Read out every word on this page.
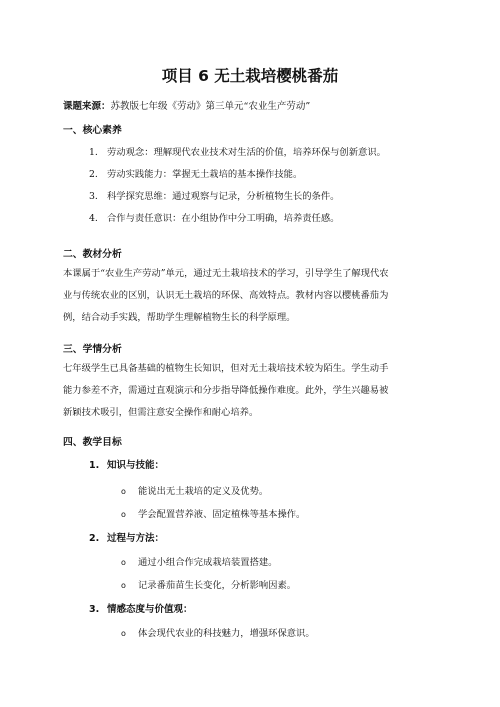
项目 6 无土栽培樱桃番茄
课题来源：苏教版七年级《劳动》第三单元“农业生产劳动”
一、核心素养
1. 劳动观念：理解现代农业技术对生活的价值，培养环保与创新意识。
2. 劳动实践能力：掌握无土栽培的基本操作技能。
3. 科学探究思维：通过观察与记录，分析植物生长的条件。
4. 合作与责任意识：在小组协作中分工明确，培养责任感。
二、教材分析
本课属于“农业生产劳动”单元，通过无土栽培技术的学习，引导学生了解现代农
业与传统农业的区别，认识无土栽培的环保、高效特点。教材内容以樱桃番茄为
例，结合动手实践，帮助学生理解植物生长的科学原理。
三、学情分析
七年级学生已具备基础的植物生长知识，但对无土栽培技术较为陌生。学生动手
能力参差不齐，需通过直观演示和分步指导降低操作难度。此外，学生兴趣易被
新颖技术吸引，但需注意安全操作和耐心培养。
四、教学目标
1. 知识与技能：
o 能说出无土栽培的定义及优势。
o 学会配置营养液、固定植株等基本操作。
2. 过程与方法：
o 通过小组合作完成栽培装置搭建。
o 记录番茄苗生长变化，分析影响因素。
3. 情感态度与价值观：
o 体会现代农业的科技魅力，增强环保意识。
